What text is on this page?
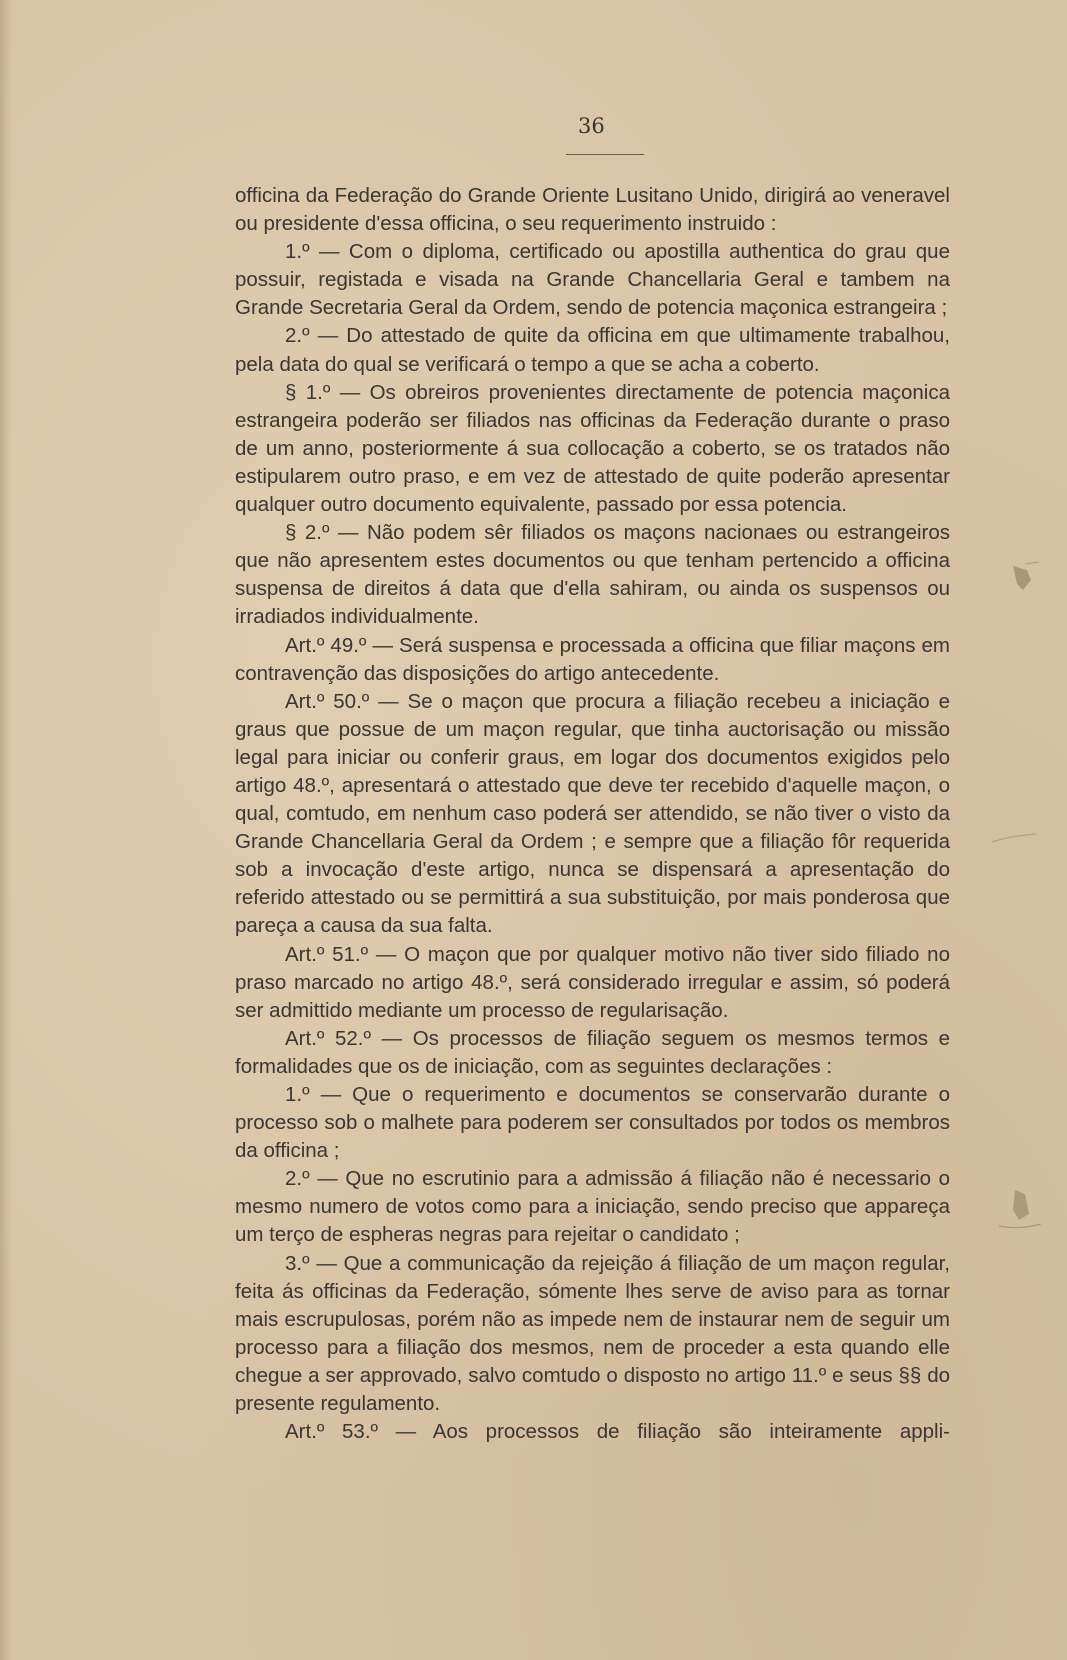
36

officina da Federação do Grande Oriente Lusitano Unido, dirigirá ao veneravel ou presidente d'essa officina, o seu requerimento instruido :

1.º — Com o diploma, certificado ou apostilla authentica do grau que possuir, registada e visada na Grande Chancellaria Geral e tambem na Grande Secretaria Geral da Ordem, sendo de potencia maçonica estrangeira ;

2.º — Do attestado de quite da officina em que ultimamente trabalhou, pela data do qual se verificará o tempo a que se acha a coberto.

§ 1.º — Os obreiros provenientes directamente de potencia maçonica estrangeira poderão ser filiados nas officinas da Federação durante o praso de um anno, posteriormente á sua collocação a coberto, se os tratados não estipularem outro praso, e em vez de attestado de quite poderão apresentar qualquer outro documento equivalente, passado por essa potencia.

§ 2.º — Não podem sêr filiados os maçons nacionaes ou estrangeiros que não apresentem estes documentos ou que tenham pertencido a officina suspensa de direitos á data que d'ella sahiram, ou ainda os suspensos ou irradiados individualmente.

Art.º 49.º — Será suspensa e processada a officina que filiar maçons em contravenção das disposições do artigo antecedente.

Art.º 50.º — Se o maçon que procura a filiação recebeu a iniciação e graus que possue de um maçon regular, que tinha auctorisação ou missão legal para iniciar ou conferir graus, em logar dos documentos exigidos pelo artigo 48.º, apresentará o attestado que deve ter recebido d'aquelle maçon, o qual, comtudo, em nenhum caso poderá ser attendido, se não tiver o visto da Grande Chancellaria Geral da Ordem ; e sempre que a filiação fôr requerida sob a invocação d'este artigo, nunca se dispensará a apresentação do referido attestado ou se permittirá a sua substituição, por mais ponderosa que pareça a causa da sua falta.

Art.º 51.º — O maçon que por qualquer motivo não tiver sido filiado no praso marcado no artigo 48.º, será considerado irregular e assim, só poderá ser admittido mediante um processo de regularisação.

Art.º 52.º — Os processos de filiação seguem os mesmos termos e formalidades que os de iniciação, com as seguintes declarações :

1.º — Que o requerimento e documentos se conservarão durante o processo sob o malhete para poderem ser consultados por todos os membros da officina ;

2.º — Que no escrutinio para a admissão á filiação não é necessario o mesmo numero de votos como para a iniciação, sendo preciso que appareça um terço de espheras negras para rejeitar o candidato ;

3.º — Que a communicação da rejeição á filiação de um maçon regular, feita ás officinas da Federação, sómente lhes serve de aviso para as tornar mais escrupulosas, porém não as impede nem de instaurar nem de seguir um processo para a filiação dos mesmos, nem de proceder a esta quando elle chegue a ser approvado, salvo comtudo o disposto no artigo 11.º e seus §§ do presente regulamento.

Art.º 53.º — Aos processos de filiação são inteiramente appli-
